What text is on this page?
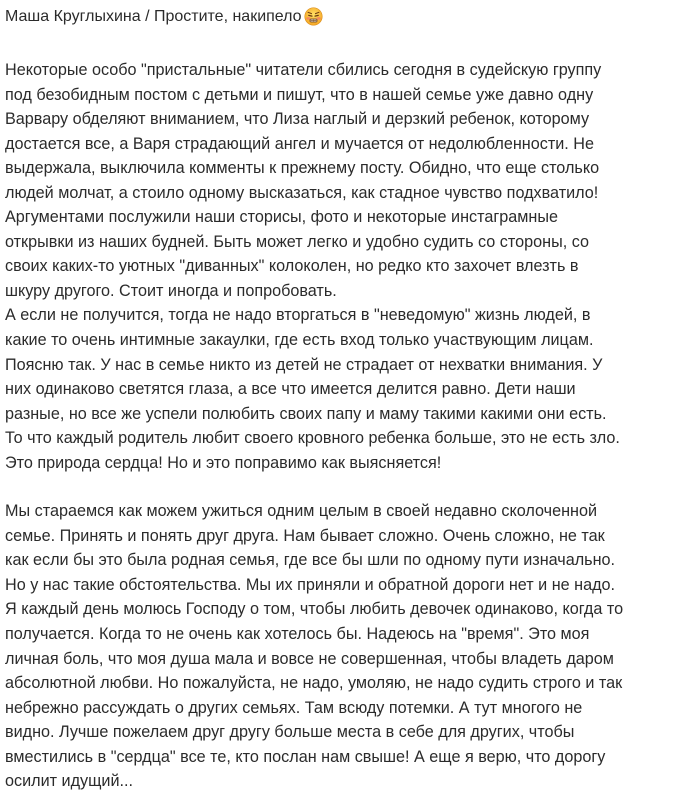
Маша Круглыхина / Простите, накипело
Некоторые особо "пристальные" читатели сбились сегодня в судейскую группу
под безобидным постом с детьми и пишут, что в нашей семье уже давно одну
Варвару обделяют вниманием, что Лиза наглый и дерзкий ребенок, которому
достается все, а Варя страдающий ангел и мучается от недолюбленности. Не
выдержала, выключила комменты к прежнему посту. Обидно, что еще столько
людей молчат, а стоило одному высказаться, как стадное чувство подхватило!
Аргументами послужили наши сторисы, фото и некоторые инстаграмные
открывки из наших будней. Быть может легко и удобно судить со стороны, со
своих каких-то уютных "диванных" колоколен, но редко кто захочет влезть в
шкуру другого. Стоит иногда и попробовать.
А если не получится, тогда не надо вторгаться в "неведомую" жизнь людей, в
какие то очень интимные закаулки, где есть вход только участвующим лицам.
Поясню так. У нас в семье никто из детей не страдает от нехватки внимания. У
них одинаково светятся глаза, а все что имеется делится равно. Дети наши
разные, но все же успели полюбить своих папу и маму такими какими они есть.
То что каждый родитель любит своего кровного ребенка больше, это не есть зло.
Это природа сердца! Но и это поправимо как выясняется!
Мы стараемся как можем ужиться одним целым в своей недавно сколоченной
семье. Принять и понять друг друга. Нам бывает сложно. Очень сложно, не так
как если бы это была родная семья, где все бы шли по одному пути изначально.
Но у нас такие обстоятельства. Мы их приняли и обратной дороги нет и не надо.
Я каждый день молюсь Господу о том, чтобы любить девочек одинаково, когда то
получается. Когда то не очень как хотелось бы. Надеюсь на "время". Это моя
личная боль, что моя душа мала и вовсе не совершенная, чтобы владеть даром
абсолютной любви. Но пожалуйста, не надо, умоляю, не надо судить строго и так
небрежно рассуждать о других семьях. Там всюду потемки. А тут многого не
видно. Лучше пожелаем друг другу больше места в себе для других, чтобы
вместились в "сердца" все те, кто послан нам свыше! А еще я верю, что дорогу
осилит идущий...
